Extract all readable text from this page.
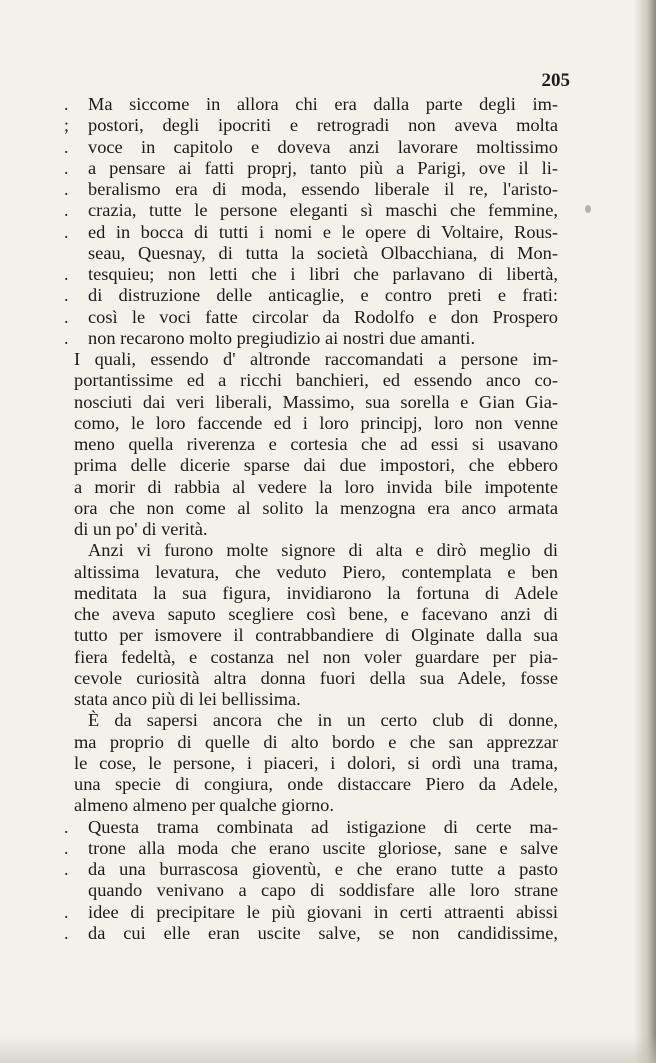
205
. Ma siccome in allora chi era dalla parte degli im-
; postori, degli ipocriti e retrogradi non aveva molta
. voce in capitolo e doveva anzi lavorare moltissimo
. a pensare ai fatti proprj, tanto più a Parigi, ove il li-
. beralismo era di moda, essendo liberale il re, l'aristo-
. crazia, tutte le persone eleganti sì maschi che femmine,
. ed in bocca di tutti i nomi e le opere di Voltaire, Rous-
seau, Quesnay, di tutta la società Olbacchiana, di Mon-
. tesquieu; non letti che i libri che parlavano di libertà,
. di distruzione delle anticaglie, e contro preti e frati:
. così le voci fatte circolar da Rodolfo e don Prospero
. non recarono molto pregiudizio ai nostri due amanti.
I quali, essendo d' altronde raccomandati a persone im-
portantissime ed a ricchi banchieri, ed essendo anco co-
nosciuti dai veri liberali, Massimo, sua sorella e Gian Gia-
como, le loro faccende ed i loro principj, loro non venne
meno quella riverenza e cortesia che ad essi si usavano
prima delle dicerie sparse dai due impostori, che ebbero
a morir di rabbia al vedere la loro invida bile impotente
ora che non come al solito la menzogna era anco armata
di un po' di verità.
Anzi vi furono molte signore di alta e dirò meglio di
altissima levatura, che veduto Piero, contemplata e ben
meditata la sua figura, invidiarono la fortuna di Adele
che aveva saputo scegliere così bene, e facevano anzi di
tutto per ismovere il contrabbandiere di Olginate dalla sua
fiera fedeltà, e costanza nel non voler guardare per pia-
cevole curiosità altra donna fuori della sua Adele, fosse
stata anco più di lei bellissima.
È da sapersi ancora che in un certo club di donne,
ma proprio di quelle di alto bordo e che san apprezzar
le cose, le persone, i piaceri, i dolori, si ordì una trama,
una specie di congiura, onde distaccare Piero da Adele,
almeno almeno per qualche giorno.
. Questa trama combinata ad istigazione di certe ma-
. trone alla moda che erano uscite gloriose, sane e salve
. da una burrascosa gioventù, e che erano tutte a pasto
quando venivano a capo di soddisfare alle loro strane
. idee di precipitare le più giovani in certi attraenti abissi
. da cui elle eran uscite salve, se non candidissime,
